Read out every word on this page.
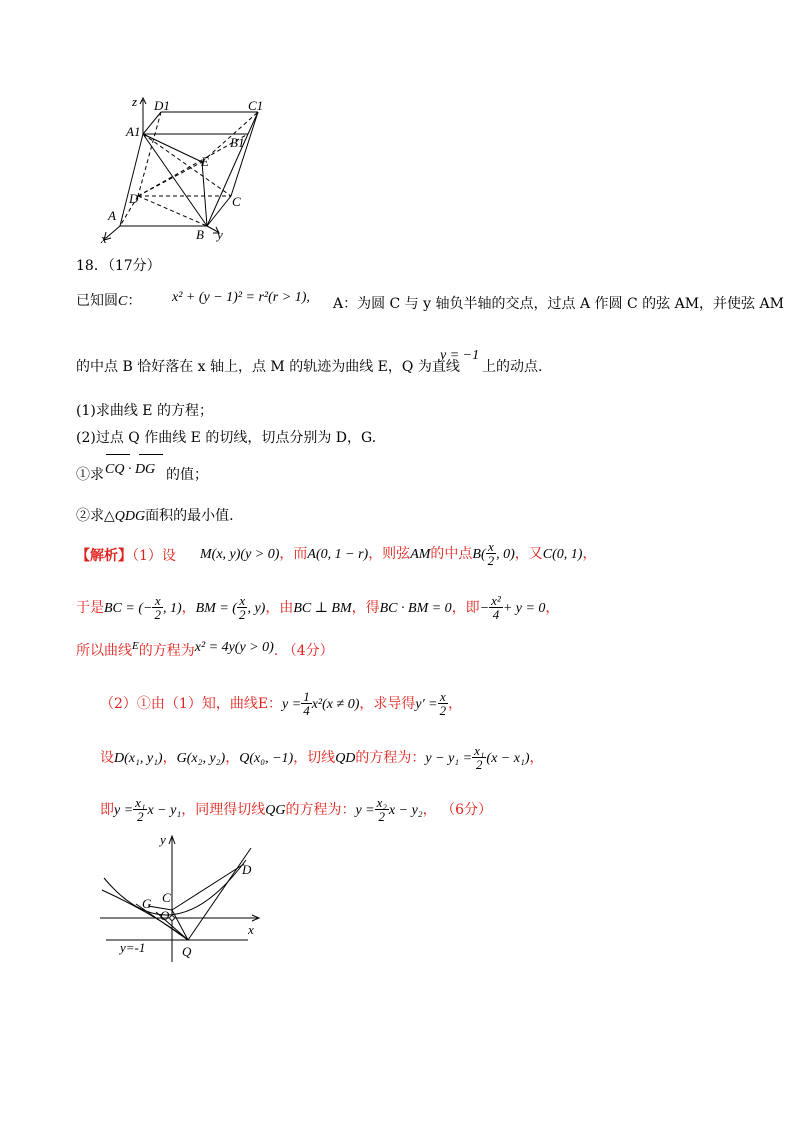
z D1	C1
A1
B1
E
D	C
A
B y
x
18．（17分）
已知圆C： x² + (y − 1)² = r²(r > 1), A：为圆 C 与 y 轴负半轴的交点，过点 A 作圆 C 的弦 AM，并使弦 AM
的中点 B 恰好落在 x 轴上，点 M 的轨迹为曲线 E，Q 为直线
y = −1
上的动点.
(1)求曲线 E 的方程；
(2)过点 Q 作曲线 E 的切线，切点分别为 D，G.
①求 CQ · DG 的值；
②求△QDG面积的最小值.
【解析】（1）设 M(x, y)(y > 0)，而A(0, 1 − r)，则弦AM的中点$B( \frac{x}{2}$ , 0)，又C(0, 1)，
于是BC = (− $\frac{x}{2}$ , 1)，BM = ( $\frac{x}{2}$ , y)，由BC ⊥ BM，得BC · BM = 0，即− $\frac{\text{x²}}{4} + y = 0$，
所以曲线$^E$的方程为x² = 4y(y > 0). （4分）
（2）①由（1）知，曲线E：$y = \frac{1}{4} x^2(x \ne 0)$，求导得$y' = \frac{x}{2}$ ，
设D(x₁, y₁)，G(x₂, y₂)，Q(x₀, −1)，切线QD的方程为：$y - y_1 = \frac{\text{x₁}}{2} (x - x_1)$，
即$y = \frac{\text{x₁}}{2}$ x − y₁，同理得切线QG的方程为：$y = \frac{\text{x₂}}{2}$ x − y₂， （6分）
y
D
G C
O
x
y=-1	Q
